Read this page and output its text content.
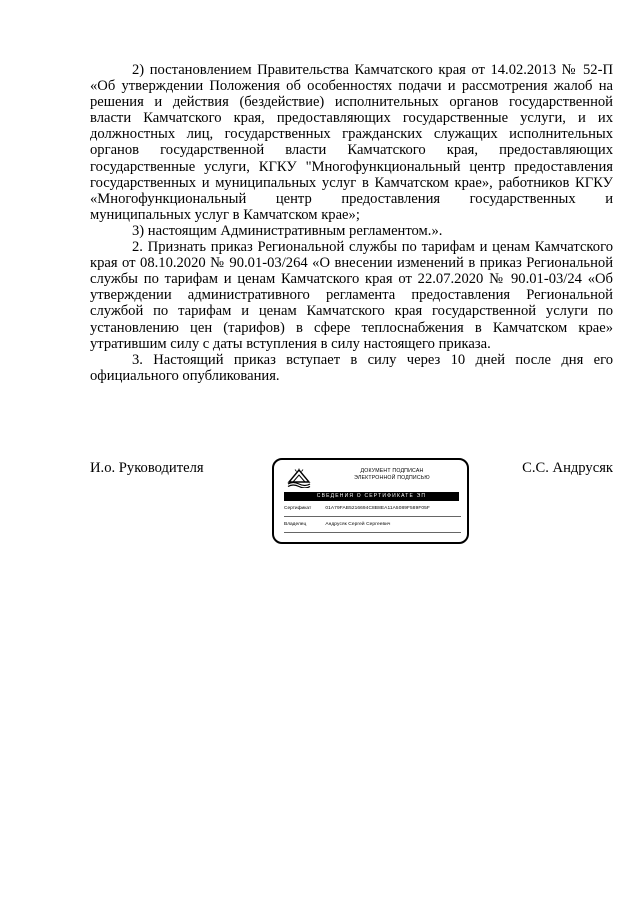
2) постановлением Правительства Камчатского края от 14.02.2013 № 52-П «Об утверждении Положения об особенностях подачи и рассмотрения жалоб на решения и действия (бездействие) исполнительных органов государственной власти Камчатского края, предоставляющих государственные услуги, и их должностных лиц, государственных гражданских служащих исполнительных органов государственной власти Камчатского края, предоставляющих государственные услуги, КГКУ "Многофункциональный центр предоставления государственных и муниципальных услуг в Камчатском крае», работников КГКУ «Многофункциональный центр предоставления государственных и муниципальных услуг в Камчатском крае»;

3) настоящим Административным регламентом.».

2. Признать приказ Региональной службы по тарифам и ценам Камчатского края от 08.10.2020 № 90.01-03/264 «О внесении изменений в приказ Региональной службы по тарифам и ценам Камчатского края от 22.07.2020 № 90.01-03/24 «Об утверждении административного регламента предоставления Региональной службой по тарифам и ценам Камчатского края государственной услуги по установлению цен (тарифов) в сфере теплоснабжения в Камчатском крае» утратившим силу с даты вступления в силу настоящего приказа.

3. Настоящий приказ вступает в силу через 10 дней после дня его официального опубликования.

И.о. Руководителя	ДОКУМЕНТ ПОДПИСАН
ЭЛЕКТРОННОЙ ПОДПИСЬЮ
СВЕДЕНИЯ О СЕРТИФИКАТЕ ЭП
Сертификат	01A79FAB5216694C8B8EA11A5089F589F05F
Владелец	Андрусяк Сергей Сергеевич
С.С. Андрусяк
